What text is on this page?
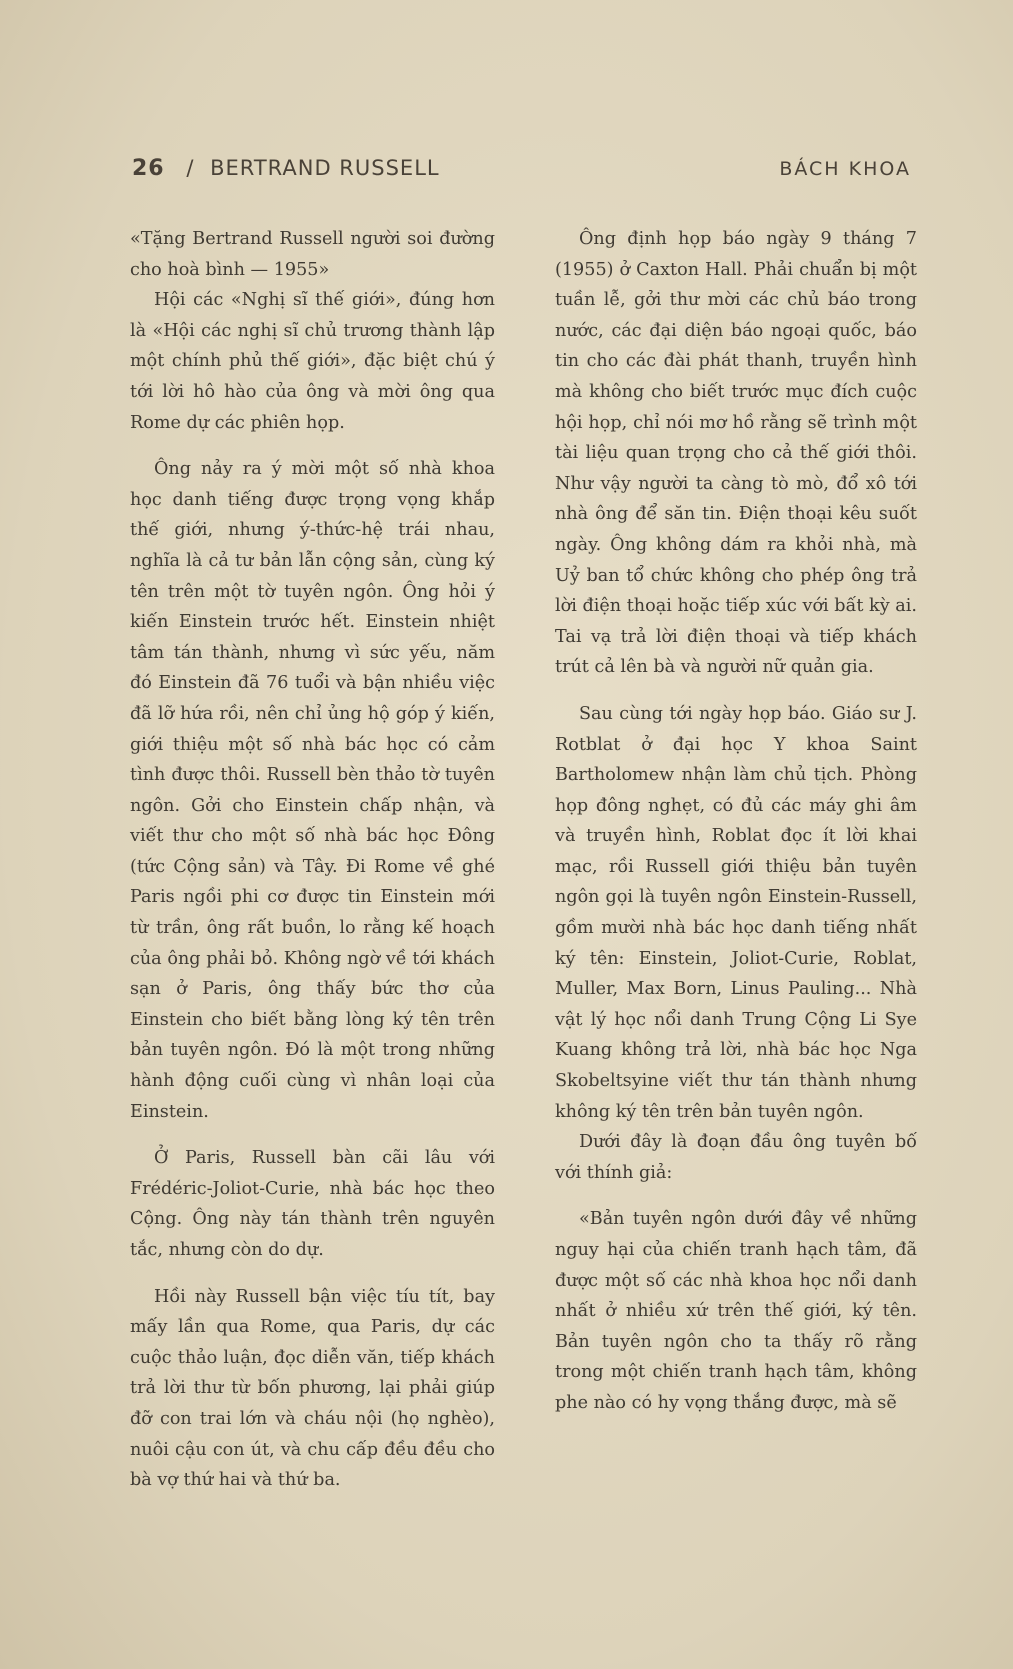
26 / BERTRAND RUSSELL	BÁCH KHOA

«Tặng Bertrand Russell người soi đường cho hoà bình — 1955»

Hội các «Nghị sĩ thế giới», đúng hơn là «Hội các nghị sĩ chủ trương thành lập một chính phủ thế giới», đặc biệt chú ý tới lời hô hào của ông và mời ông qua Rome dự các phiên họp.

Ông nảy ra ý mời một số nhà khoa học danh tiếng được trọng vọng khắp thế giới, nhưng ý-thức-hệ trái nhau, nghĩa là cả tư bản lẫn cộng sản, cùng ký tên trên một tờ tuyên ngôn. Ông hỏi ý kiến Einstein trước hết. Einstein nhiệt tâm tán thành, nhưng vì sức yếu, năm đó Einstein đã 76 tuổi và bận nhiều việc đã lỡ hứa rồi, nên chỉ ủng hộ góp ý kiến, giới thiệu một số nhà bác học có cảm tình được thôi. Russell bèn thảo tờ tuyên ngôn. Gởi cho Einstein chấp nhận, và viết thư cho một số nhà bác học Đông (tức Cộng sản) và Tây. Đi Rome về ghé Paris ngồi phi cơ được tin Einstein mới từ trần, ông rất buồn, lo rằng kế hoạch của ông phải bỏ. Không ngờ về tới khách sạn ở Paris, ông thấy bức thơ của Einstein cho biết bằng lòng ký tên trên bản tuyên ngôn. Đó là một trong những hành động cuối cùng vì nhân loại của Einstein.

Ở Paris, Russell bàn cãi lâu với Frédéric-Joliot-Curie, nhà bác học theo Cộng. Ông này tán thành trên nguyên tắc, nhưng còn do dự.

Hồi này Russell bận việc tíu tít, bay mấy lần qua Rome, qua Paris, dự các cuộc thảo luận, đọc diễn văn, tiếp khách trả lời thư từ bốn phương, lại phải giúp đỡ con trai lớn và cháu nội (họ nghèo), nuôi cậu con út, và chu cấp đều đều cho bà vợ thứ hai và thứ ba.

Ông định họp báo ngày 9 tháng 7 (1955) ở Caxton Hall. Phải chuẩn bị một tuần lễ, gởi thư mời các chủ báo trong nước, các đại diện báo ngoại quốc, báo tin cho các đài phát thanh, truyền hình mà không cho biết trước mục đích cuộc hội họp, chỉ nói mơ hồ rằng sẽ trình một tài liệu quan trọng cho cả thế giới thôi. Như vậy người ta càng tò mò, đổ xô tới nhà ông để săn tin. Điện thoại kêu suốt ngày. Ông không dám ra khỏi nhà, mà Uỷ ban tổ chức không cho phép ông trả lời điện thoại hoặc tiếp xúc với bất kỳ ai. Tai vạ trả lời điện thoại và tiếp khách trút cả lên bà và người nữ quản gia.

Sau cùng tới ngày họp báo. Giáo sư J. Rotblat ở đại học Y khoa Saint Bartholomew nhận làm chủ tịch. Phòng họp đông nghẹt, có đủ các máy ghi âm và truyền hình, Roblat đọc ít lời khai mạc, rồi Russell giới thiệu bản tuyên ngôn gọi là tuyên ngôn Einstein-Russell, gồm mười nhà bác học danh tiếng nhất ký tên: Einstein, Joliot-Curie, Roblat, Muller, Max Born, Linus Pauling... Nhà vật lý học nổi danh Trung Cộng Li Sye Kuang không trả lời, nhà bác học Nga Skobeltsyine viết thư tán thành nhưng không ký tên trên bản tuyên ngôn.

Dưới đây là đoạn đầu ông tuyên bố với thính giả:

«Bản tuyên ngôn dưới đây về những nguy hại của chiến tranh hạch tâm, đã được một số các nhà khoa học nổi danh nhất ở nhiều xứ trên thế giới, ký tên. Bản tuyên ngôn cho ta thấy rõ rằng trong một chiến tranh hạch tâm, không phe nào có hy vọng thắng được, mà sẽ
